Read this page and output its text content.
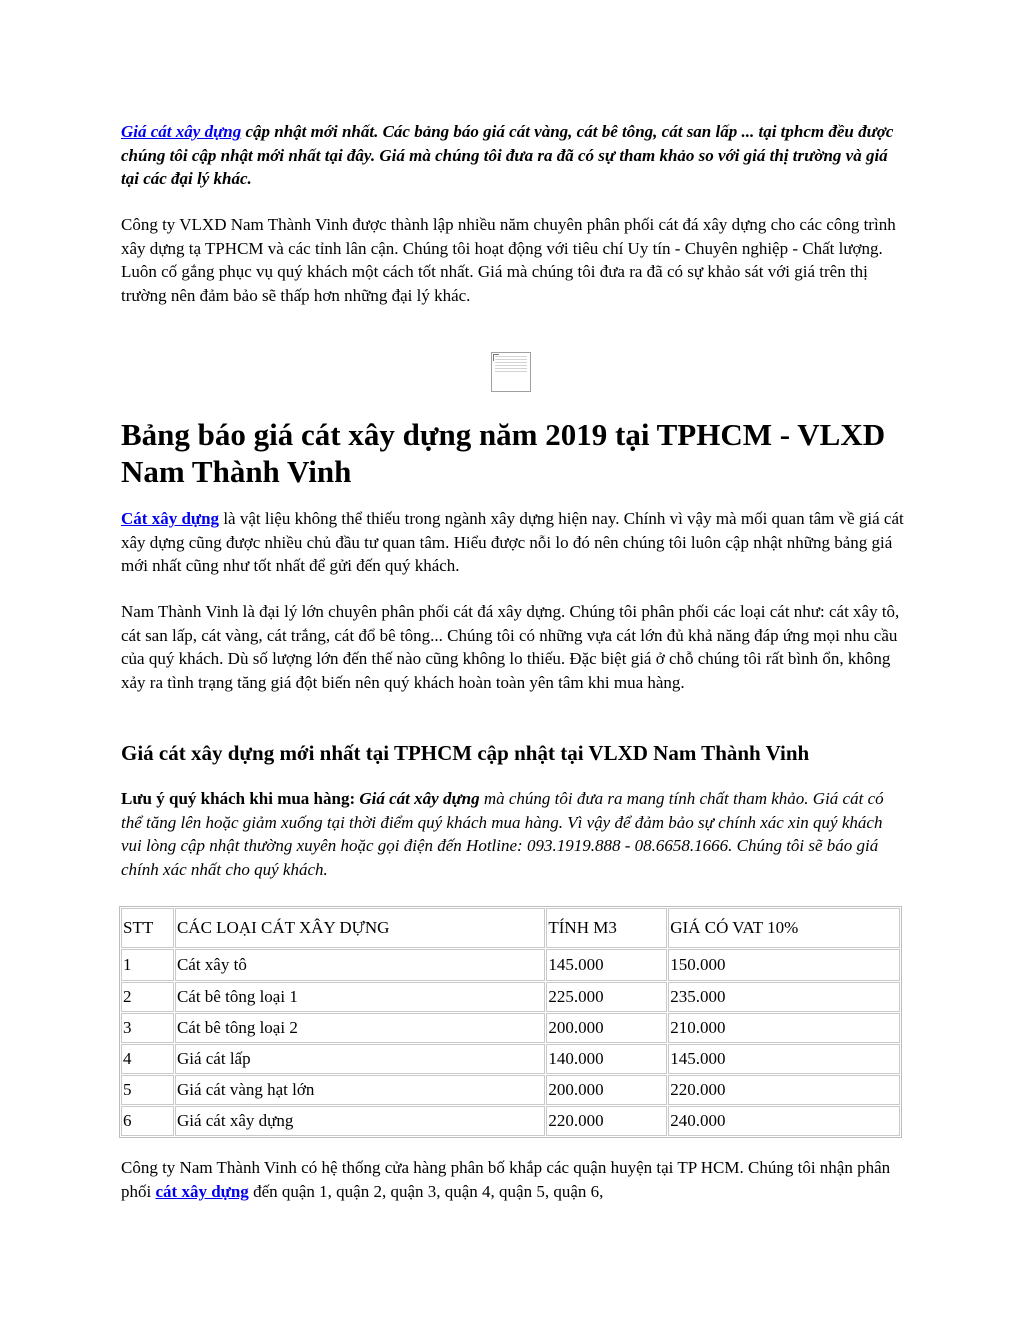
Giá cát xây dựng cập nhật mới nhất. Các bảng báo giá cát vàng, cát bê tông, cát san lấp ... tại tphcm đều được chúng tôi cập nhật mới nhất tại đây. Giá mà chúng tôi đưa ra đã có sự tham khảo so với giá thị trường và giá tại các đại lý khác.

Công ty VLXD Nam Thành Vinh được thành lập nhiều năm chuyên phân phối cát đá xây dựng cho các công trình xây dựng tạ TPHCM và các tỉnh lân cận. Chúng tôi hoạt động với tiêu chí Uy tín - Chuyên nghiệp - Chất lượng. Luôn cố gắng phục vụ quý khách một cách tốt nhất. Giá mà chúng tôi đưa ra đã có sự khảo sát với giá trên thị trường nên đảm bảo sẽ thấp hơn những đại lý khác.

Bảng báo giá cát xây dựng năm 2019 tại TPHCM - VLXD Nam Thành Vinh

Cát xây dựng là vật liệu không thể thiếu trong ngành xây dựng hiện nay. Chính vì vậy mà mối quan tâm về giá cát xây dựng cũng được nhiều chủ đầu tư quan tâm. Hiểu được nỗi lo đó nên chúng tôi luôn cập nhật những bảng giá mới nhất cũng như tốt nhất để gửi đến quý khách.

Nam Thành Vinh là đại lý lớn chuyên phân phối cát đá xây dựng. Chúng tôi phân phối các loại cát như: cát xây tô, cát san lấp, cát vàng, cát trắng, cát đổ bê tông... Chúng tôi có những vựa cát lớn đủ khả năng đáp ứng mọi nhu cầu của quý khách. Dù số lượng lớn đến thế nào cũng không lo thiếu. Đặc biệt giá ở chỗ chúng tôi rất bình ổn, không xảy ra tình trạng tăng giá đột biến nên quý khách hoàn toàn yên tâm khi mua hàng.

Giá cát xây dựng mới nhất tại TPHCM cập nhật tại VLXD Nam Thành Vinh

Lưu ý quý khách khi mua hàng: Giá cát xây dựng mà chúng tôi đưa ra mang tính chất tham khảo. Giá cát có thể tăng lên hoặc giảm xuống tại thời điểm quý khách mua hàng. Vì vậy để đảm bảo sự chính xác xin quý khách vui lòng cập nhật thường xuyên hoặc gọi điện đến Hotline: 093.1919.888 - 08.6658.1666. Chúng tôi sẽ báo giá chính xác nhất cho quý khách.

STT	CÁC LOẠI CÁT XÂY DỰNG	TÍNH M3	GIÁ CÓ VAT 10%
1	Cát xây tô	145.000	150.000
2	Cát bê tông loại 1	225.000	235.000
3	Cát bê tông loại 2	200.000	210.000
4	Giá cát lấp	140.000	145.000
5	Giá cát vàng hạt lớn	200.000	220.000
6	Giá cát xây dựng	220.000	240.000

Công ty Nam Thành Vinh có hệ thống cửa hàng phân bố khắp các quận huyện tại TP HCM. Chúng tôi nhận phân phối cát xây dựng đến quận 1, quận 2, quận 3, quận 4, quận 5, quận 6,
